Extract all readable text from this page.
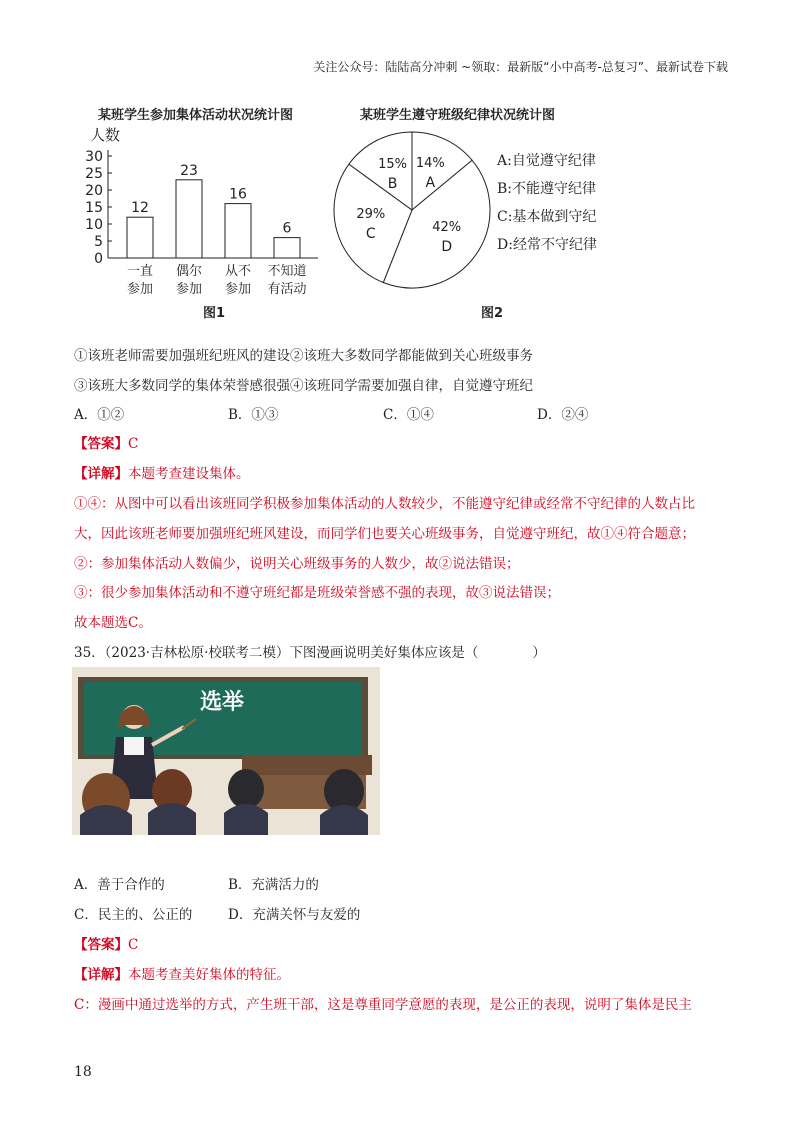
关注公众号：陆陆高分冲刺 ~领取：最新版“小中高考-总复习”、最新试卷下载
某班学生参加集体活动状况统计图
人数
0
5
10
15
20
25
30
12
一直
参加
23
偶尔
参加
16
从不
参加
6
不知道
有活动
图1
某班学生遵守班级纪律状况统计图
14%
A
42%
D
29%
C
15%
B
A:自觉遵守纪律
B:不能遵守纪律
C:基本做到守纪
D:经常不守纪律
图2
①该班老师需要加强班纪班风的建设②该班大多数同学都能做到关心班级事务
③该班大多数同学的集体荣誉感很强④该班同学需要加强自律，自觉遵守班纪
A．①②	B．①③	C．①④	D．②④
【答案】C
【详解】本题考查建设集体。
①④：从图中可以看出该班同学积极参加集体活动的人数较少，不能遵守纪律或经常不守纪律的人数占比
大，因此该班老师要加强班纪班风建设，而同学们也要关心班级事务，自觉遵守班纪，故①④符合题意；
②：参加集体活动人数偏少，说明关心班级事务的人数少，故②说法错误；
③：很少参加集体活动和不遵守班纪都是班级荣誉感不强的表现，故③说法错误；
故本题选C。
35．（2023·吉林松原·校联考二模）下图漫画说明美好集体应该是（　　　　）
选举
A．善于合作的	B．充满活力的
C．民主的、公正的	D．充满关怀与友爱的
【答案】C
【详解】本题考查美好集体的特征。
C：漫画中通过选举的方式，产生班干部，这是尊重同学意愿的表现，是公正的表现，说明了集体是民主
18
